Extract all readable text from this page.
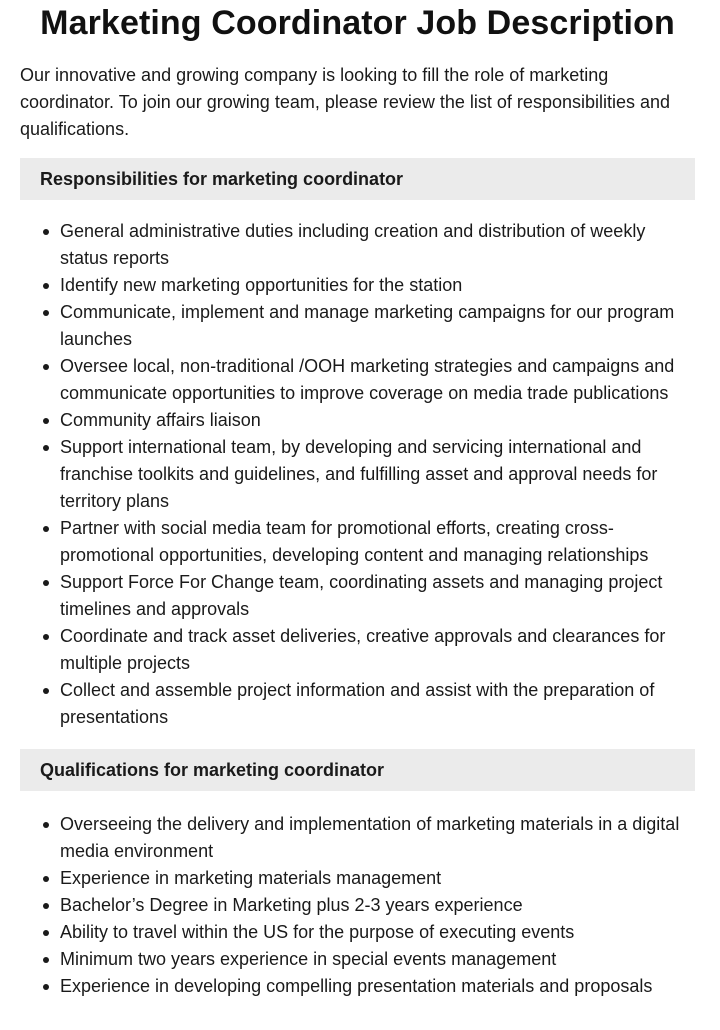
Marketing Coordinator Job Description

Our innovative and growing company is looking to fill the role of marketing coordinator. To join our growing team, please review the list of responsibilities and qualifications.

Responsibilities for marketing coordinator
General administrative duties including creation and distribution of weekly status reports
Identify new marketing opportunities for the station
Communicate, implement and manage marketing campaigns for our program launches
Oversee local, non-traditional /OOH marketing strategies and campaigns and communicate opportunities to improve coverage on media trade publications
Community affairs liaison
Support international team, by developing and servicing international and franchise toolkits and guidelines, and fulfilling asset and approval needs for territory plans
Partner with social media team for promotional efforts, creating cross-promotional opportunities, developing content and managing relationships
Support Force For Change team, coordinating assets and managing project timelines and approvals
Coordinate and track asset deliveries, creative approvals and clearances for multiple projects
Collect and assemble project information and assist with the preparation of presentations
Qualifications for marketing coordinator
Overseeing the delivery and implementation of marketing materials in a digital media environment
Experience in marketing materials management
Bachelor’s Degree in Marketing plus 2-3 years experience
Ability to travel within the US for the purpose of executing events
Minimum two years experience in special events management
Experience in developing compelling presentation materials and proposals
